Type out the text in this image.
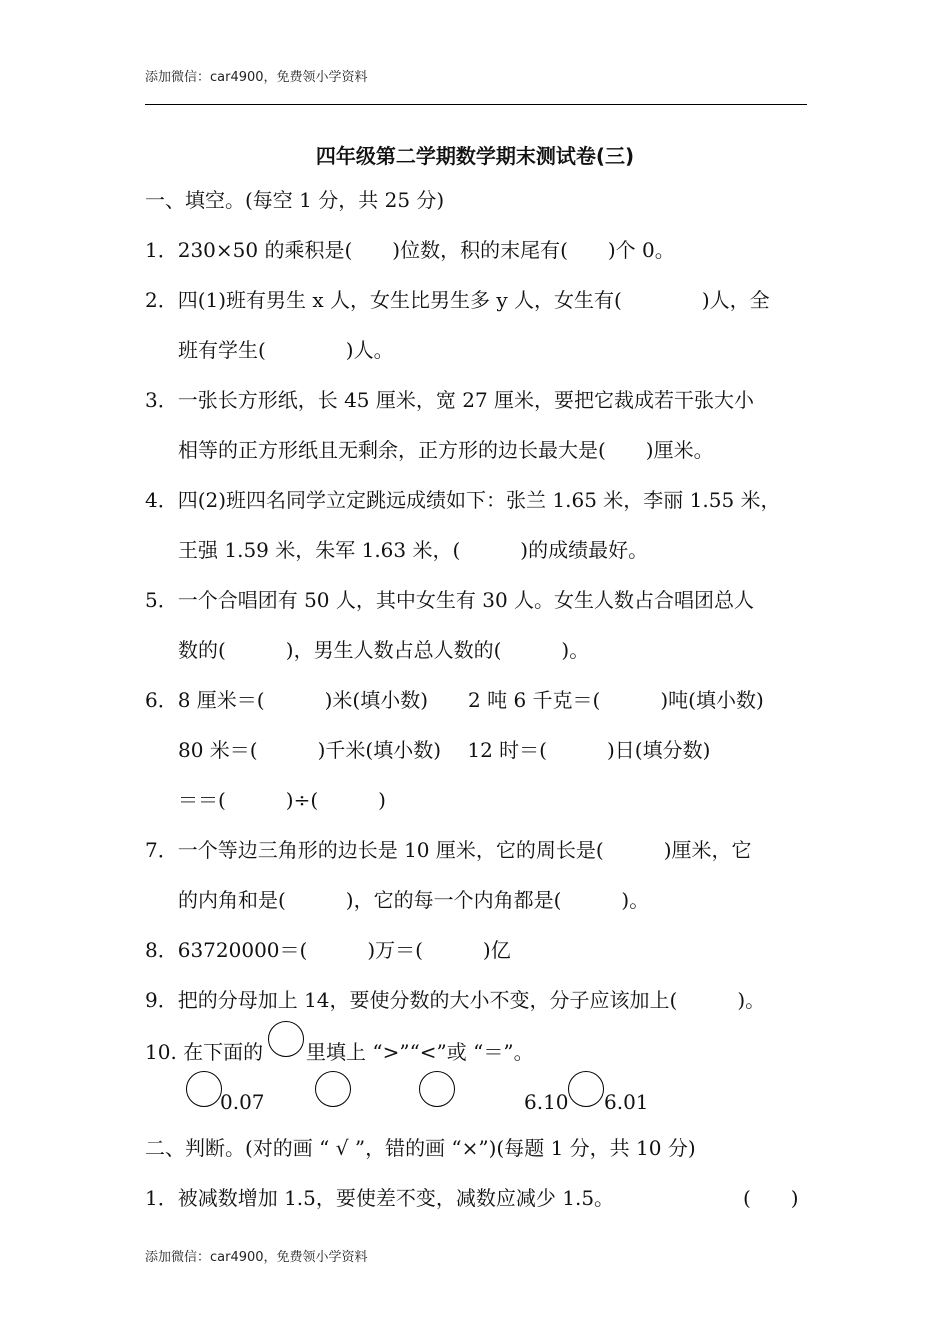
添加微信：car4900，免费领小学资料
四年级第二学期数学期末测试卷(三)
一、填空。(每空 1 分，共 25 分)
1．230×50 的乘积是(　　)位数，积的末尾有(　　)个 0。
2．四(1)班有男生 x 人，女生比男生多 y 人，女生有(　　　　)人，全
班有学生(　　　　)人。
3．一张长方形纸，长 45 厘米，宽 27 厘米，要把它裁成若干张大小
相等的正方形纸且无剩余，正方形的边长最大是(　　)厘米。
4．四(2)班四名同学立定跳远成绩如下：张兰 1.65 米，李丽 1.55 米，
王强 1.59 米，朱军 1.63 米，(　　　)的成绩最好。
5．一个合唱团有 50 人，其中女生有 30 人。女生人数占合唱团总人
数的(　　　)，男生人数占总人数的(　　　)。
6．8 厘米＝(　　　)米(填小数)　　2 吨 6 千克＝(　　　)吨(填小数)
80 米＝(　　　)千米(填小数)　 12 时＝(　　　)日(填分数)
＝＝(　　　)÷(　　　)
7．一个等边三角形的边长是 10 厘米，它的周长是(　　　)厘米，它
的内角和是(　　　)，它的每一个内角都是(　　　)。
8．63720000＝(　　　)万＝(　　　)亿
9．把的分母加上 14，要使分数的大小不变，分子应该加上(　　　)。
10. 在下面的 里填上 “>”“<”或 “＝”。
0.07	6.10 6.01
二、判断。(对的画 “ √ ”，错的画 “×”)(每题 1 分，共 10 分)
1．被减数增加 1.5，要使差不变，减数应减少 1.5。	(　　)
添加微信：car4900，免费领小学资料
